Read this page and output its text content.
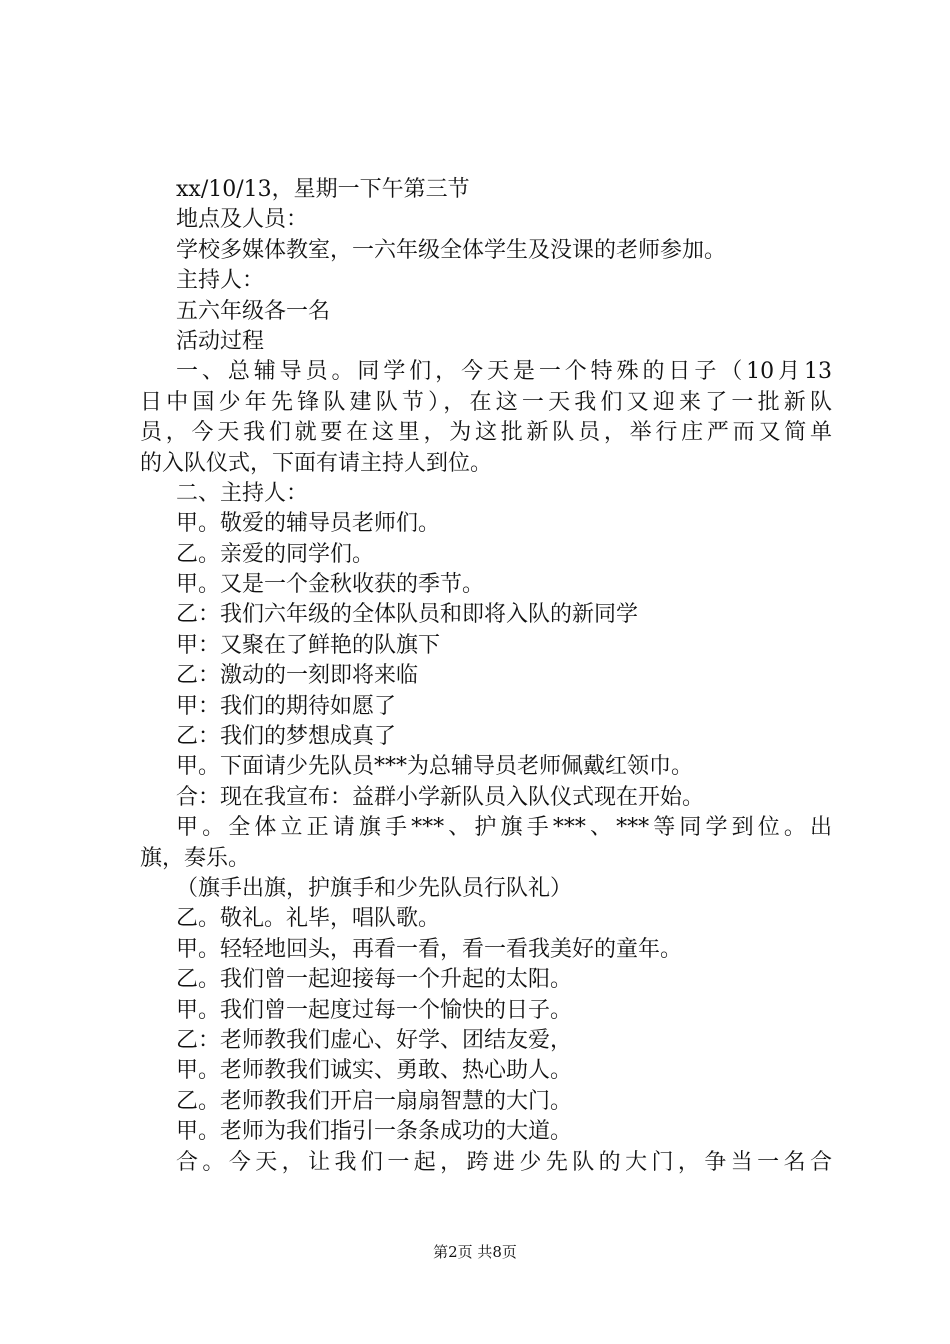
xx/10/13，星期一下午第三节
地点及人员：
学校多媒体教室，一六年级全体学生及没课的老师参加。
主持人：
五六年级各一名
活动过程
一、总辅导员。同学们，今天是一个特殊的日子（10月13
日中国少年先锋队建队节），在这一天我们又迎来了一批新队
员，今天我们就要在这里，为这批新队员，举行庄严而又简单
的入队仪式，下面有请主持人到位。
二、主持人：
甲。敬爱的辅导员老师们。
乙。亲爱的同学们。
甲。又是一个金秋收获的季节。
乙：我们六年级的全体队员和即将入队的新同学
甲：又聚在了鲜艳的队旗下
乙：激动的一刻即将来临
甲：我们的期待如愿了
乙：我们的梦想成真了
甲。下面请少先队员***为总辅导员老师佩戴红领巾。
合：现在我宣布：益群小学新队员入队仪式现在开始。
甲。全体立正请旗手***、护旗手***、***等同学到位。出
旗，奏乐。
（旗手出旗，护旗手和少先队员行队礼）
乙。敬礼。礼毕，唱队歌。
甲。轻轻地回头，再看一看，看一看我美好的童年。
乙。我们曾一起迎接每一个升起的太阳。
甲。我们曾一起度过每一个愉快的日子。
乙：老师教我们虚心、好学、团结友爱，
甲。老师教我们诚实、勇敢、热心助人。
乙。老师教我们开启一扇扇智慧的大门。
甲。老师为我们指引一条条成功的大道。
合。今天，让我们一起，跨进少先队的大门，争当一名合
第2页 共8页
